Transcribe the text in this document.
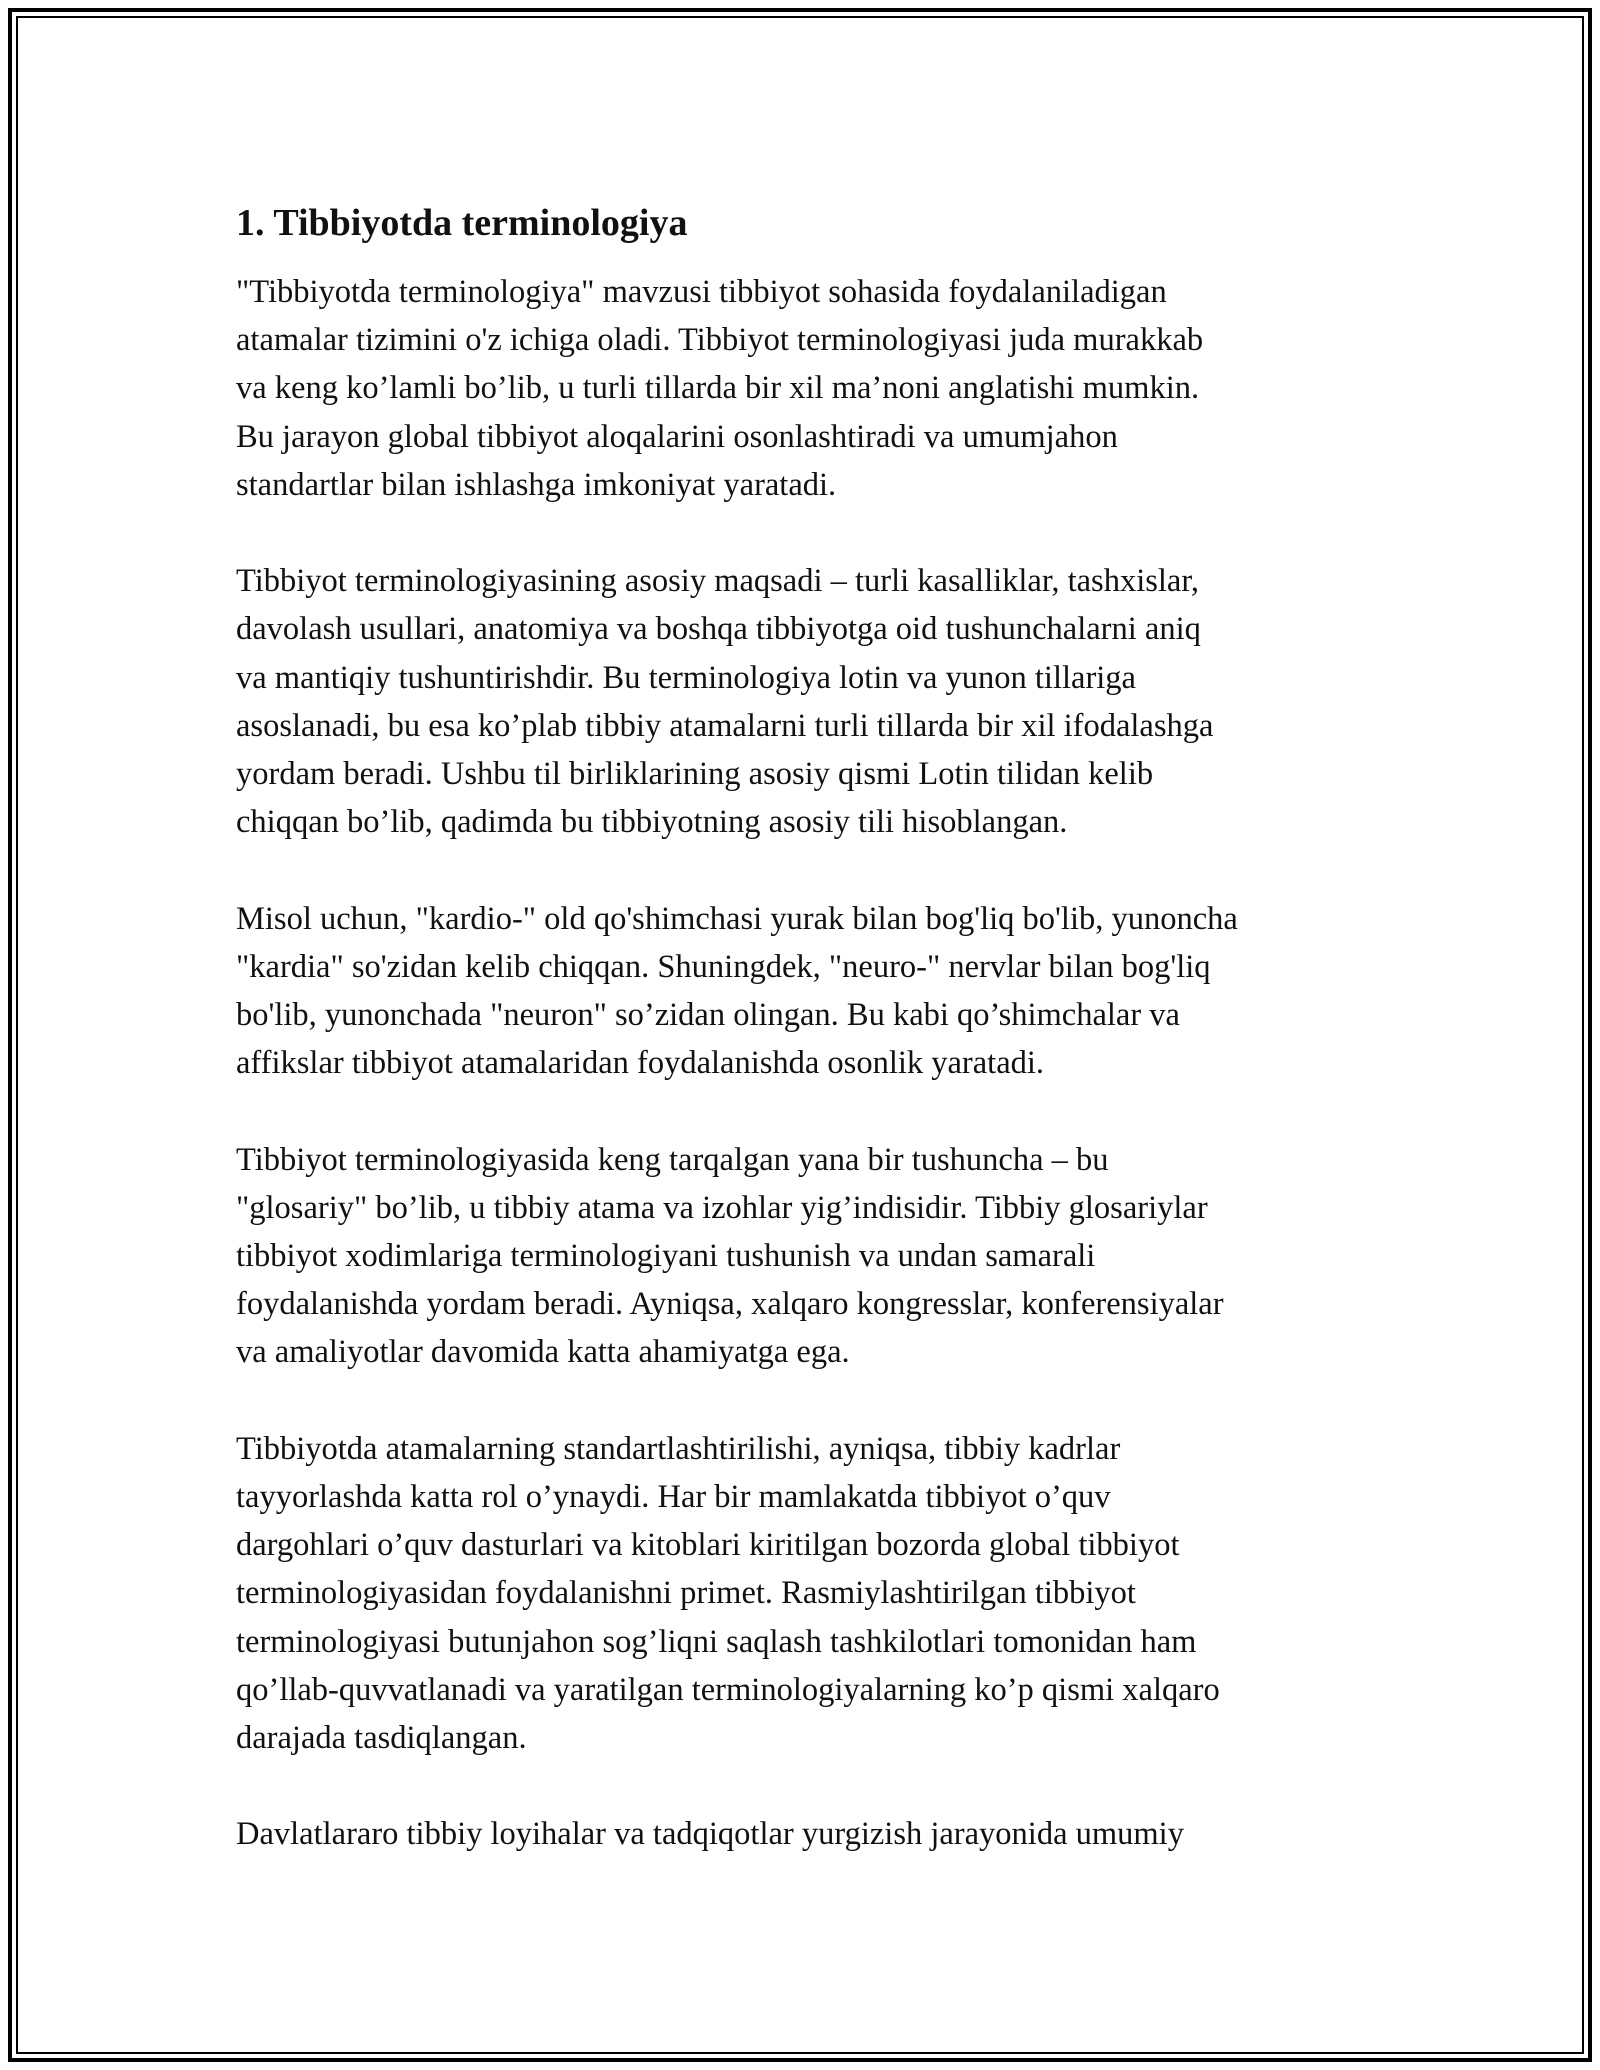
1. Tibbiyotda terminologiya

"Tibbiyotda terminologiya" mavzusi tibbiyot sohasida foydalaniladigan
atamalar tizimini o'z ichiga oladi. Tibbiyot terminologiyasi juda murakkab
va keng ko’lamli bo’lib, u turli tillarda bir xil ma’noni anglatishi mumkin.
Bu jarayon global tibbiyot aloqalarini osonlashtiradi va umumjahon
standartlar bilan ishlashga imkoniyat yaratadi.

Tibbiyot terminologiyasining asosiy maqsadi – turli kasalliklar, tashxislar,
davolash usullari, anatomiya va boshqa tibbiyotga oid tushunchalarni aniq
va mantiqiy tushuntirishdir. Bu terminologiya lotin va yunon tillariga
asoslanadi, bu esa ko’plab tibbiy atamalarni turli tillarda bir xil ifodalashga
yordam beradi. Ushbu til birliklarining asosiy qismi Lotin tilidan kelib
chiqqan bo’lib, qadimda bu tibbiyotning asosiy tili hisoblangan.

Misol uchun, "kardio-" old qo'shimchasi yurak bilan bog'liq bo'lib, yunoncha
"kardia" so'zidan kelib chiqqan. Shuningdek, "neuro-" nervlar bilan bog'liq
bo'lib, yunonchada "neuron" so’zidan olingan. Bu kabi qo’shimchalar va
affikslar tibbiyot atamalaridan foydalanishda osonlik yaratadi.

Tibbiyot terminologiyasida keng tarqalgan yana bir tushuncha – bu
"glosariy" bo’lib, u tibbiy atama va izohlar yig’indisidir. Tibbiy glosariylar
tibbiyot xodimlariga terminologiyani tushunish va undan samarali
foydalanishda yordam beradi. Ayniqsa, xalqaro kongresslar, konferensiyalar
va amaliyotlar davomida katta ahamiyatga ega.

Tibbiyotda atamalarning standartlashtirilishi, ayniqsa, tibbiy kadrlar
tayyorlashda katta rol o’ynaydi. Har bir mamlakatda tibbiyot o’quv
dargohlari o’quv dasturlari va kitoblari kiritilgan bozorda global tibbiyot
terminologiyasidan foydalanishni primet. Rasmiylashtirilgan tibbiyot
terminologiyasi butunjahon sog’liqni saqlash tashkilotlari tomonidan ham
qo’llab-quvvatlanadi va yaratilgan terminologiyalarning ko’p qismi xalqaro
darajada tasdiqlangan.

Davlatlararo tibbiy loyihalar va tadqiqotlar yurgizish jarayonida umumiy
